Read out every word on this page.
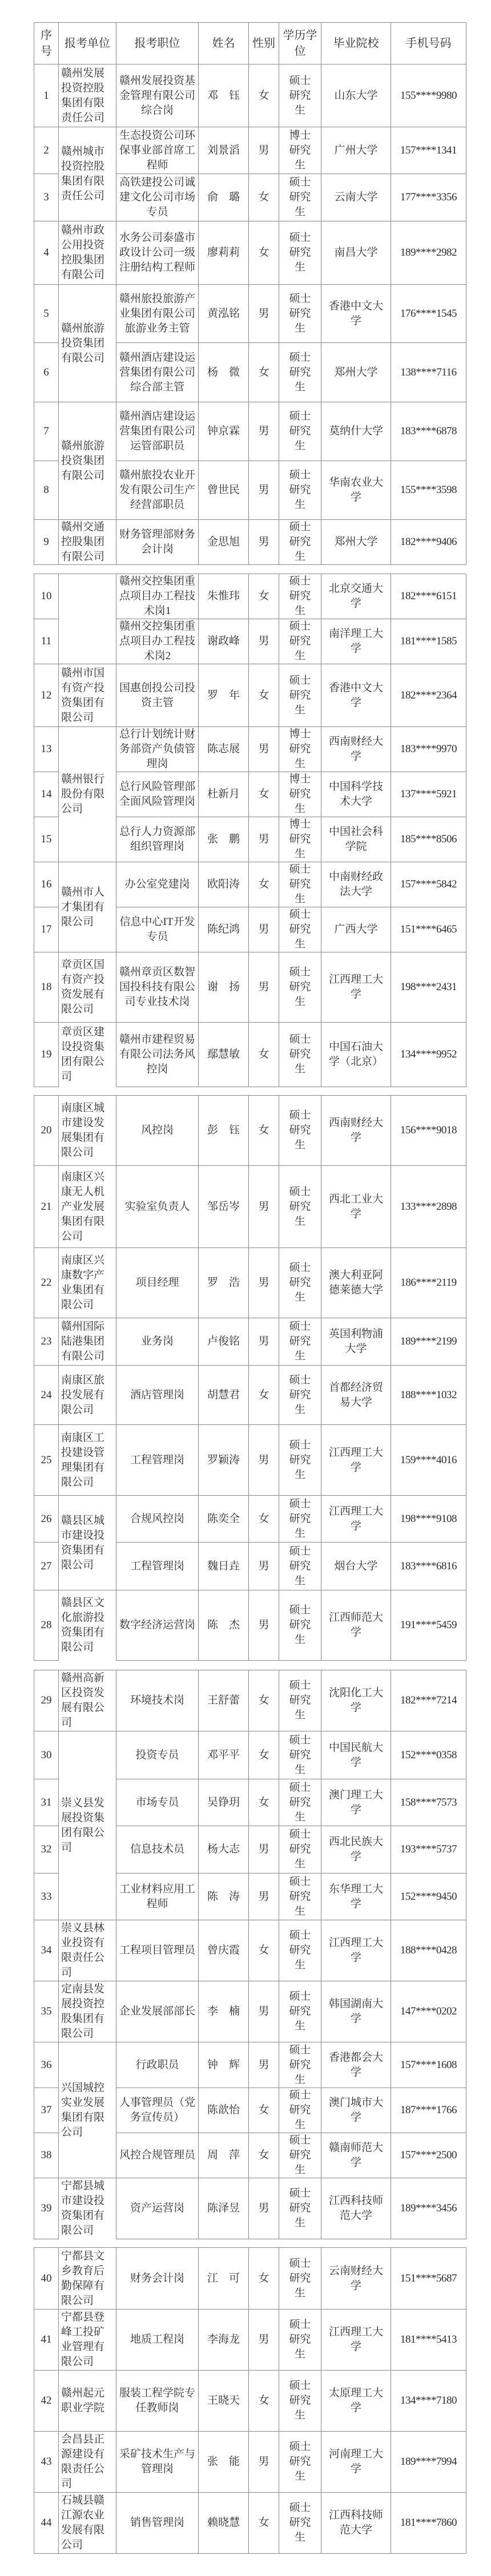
序号	报考单位	报考职位	姓名	性别	学历学位	毕业院校	手机号码
1	赣州发展投资控股集团有限责任公司	赣州发展投资基金管理有限公司综合岗	邓　钰	女	硕士研究生	山东大学	155****9980
2	赣州城市投资控股集团有限责任公司	生态投资公司环保事业部首席工程师	刘景滔	男	博士研究生	广州大学	157****1341
3		高铁建投公司诚建文化公司市场专员	俞　璐	女	硕士研究生	云南大学	177****3356
4	赣州市政公用投资控股集团有限公司	水务公司泰盛市政设计公司一级注册结构工程师	廖莉莉	女	硕士研究生	南昌大学	189****2982
5	赣州旅游投资集团有限公司	赣州旅投旅游产业集团有限公司旅游业务主管	黄泓铭	男	硕士研究生	香港中文大学	176****1545
6		赣州酒店建设运营集团有限公司综合部主管	杨　微	女	硕士研究生	郑州大学	138****7116
7	赣州旅游投资集团有限公司	赣州酒店建设运营集团有限公司运管部职员	钟京霖	男	硕士研究生	莫纳什大学	183****6878
8		赣州旅投农业开发有限公司生产经营部职员	曾世民	男	硕士研究生	华南农业大学	155****3598
9	赣州交通控股集团有限公司	财务管理部财务会计岗	金思旭	男	硕士研究生	郑州大学	182****9406
10		赣州交控集团重点项目办工程技术岗1	朱惟玮	女	硕士研究生	北京交通大学	182****6151
11		赣州交控集团重点项目办工程技术岗2	谢政峰	男	硕士研究生	南洋理工大学	181****1585
12	赣州市国有资产投资集团有限公司	国惠创投公司投资主管	罗　年	女	硕士研究生	香港中文大学	182****2364
13	赣州银行股份有限公司	总行计划统计财务部资产负债管理岗	陈志展	男	博士研究生	西南财经大学	183****9970
14		总行风险管理部全面风险管理岗	杜新月	女	博士研究生	中国科学技术大学	137****5921
15		总行人力资源部组织管理岗	张　鹏	男	博士研究生	中国社会科学院	185****8506
16	赣州市人才集团有限公司	办公室党建岗	欧阳涛	女	硕士研究生	中南财经政法大学	157****5842
17		信息中心IT开发专员	陈纪鸿	男	硕士研究生	广西大学	151****6465
18	章贡区国有资产投资发展有限公司	赣州章贡区数智国投科技有限公司专业技术岗	谢　扬	男	硕士研究生	江西理工大学	198****2431
19	章贡区建设投资集团有限公司	赣州市建程贸易有限公司法务风控岗	鄢慧敏	女	硕士研究生	中国石油大学（北京）	134****9952
20	南康区城市建设发展集团有限公司	风控岗	彭　钰	女	硕士研究生	西南财经大学	156****9018
21	南康区兴康无人机产业发展集团有限公司	实验室负责人	邹岳岑	男	硕士研究生	西北工业大学	133****2898
22	南康区兴康数字产业集团有限公司	项目经理	罗　浩	男	硕士研究生	澳大利亚阿德莱德大学	186****2119
23	赣州国际陆港集团有限公司	业务岗	卢俊铭	男	硕士研究生	英国利物浦大学	189****2199
24	南康区旅投发展有限公司	酒店管理岗	胡慧君	女	硕士研究生	首都经济贸易大学	188****1032
25	南康区工投建设管理集团有限公司	工程管理岗	罗颖涛	男	硕士研究生	江西理工大学	159****4016
26	赣县区城市建设投资集团有限公司	合规风控岗	陈奕全	女	硕士研究生	江西理工大学	198****9108
27		工程管理岗	魏日垚	男	硕士研究生	烟台大学	183****6816
28	赣县区文化旅游投资集团有限公司	数字经济运营岗	陈　杰	男	硕士研究生	江西师范大学	191****5459
29	赣州高新区投资发展有限公司	环境技术岗	王舒蕾	女	硕士研究生	沈阳化工大学	182****7214
30	崇义县发展投资集团有限公司	投资专员	邓平平	女	硕士研究生	中国民航大学	152****0358
31		市场专员	吴铮玥	女	硕士研究生	澳门理工大学	158****7573
32		信息技术员	杨大志	男	硕士研究生	西北民族大学	193****5737
33		工业材料应用工程师	陈　涛	男	硕士研究生	东华理工大学	152****9450
34	崇义县林业投资有限责任公司	工程项目管理员	曾庆霞	女	硕士研究生	江西理工大学	188****0428
35	定南县发展投资控股集团有限公司	企业发展部部长	李　楠	男	硕士研究生	韩国湖南大学	147****0202
36	兴国城控实业发展集团有限公司	行政职员	钟　辉	男	硕士研究生	香港都会大学	157****1608
37		人事管理员（党务宣传员）	陈歆怡	女	硕士研究生	澳门城市大学	187****1766
38		风控合规管理员	周　萍	女	硕士研究生	赣南师范大学	157****2500
39	宁都县城市建设投资集团有限公司	资产运营岗	陈泽昱	男	硕士研究生	江西科技师范大学	189****3456
40	宁都县文乡教育后勤保障有限公司	财务会计岗	江　可	女	硕士研究生	云南财经大学	151****5687
41	宁都县登峰工投矿业管理有限公司	地质工程岗	李海龙	男	硕士研究生	江西理工大学	181****5413
42	赣州起元职业学院	服装工程学院专任教师岗	王晓天	女	硕士研究生	太原理工大学	134****7180
43	会昌县正源建设有限责任公司	采矿技术生产与管理岗	张　能	男	硕士研究生	河南理工大学	189****7994
44	石城县赣江源农业发展有限公司	销售管理岗	赖晓慧	女	硕士研究生	江西科技师范大学	181****7860
